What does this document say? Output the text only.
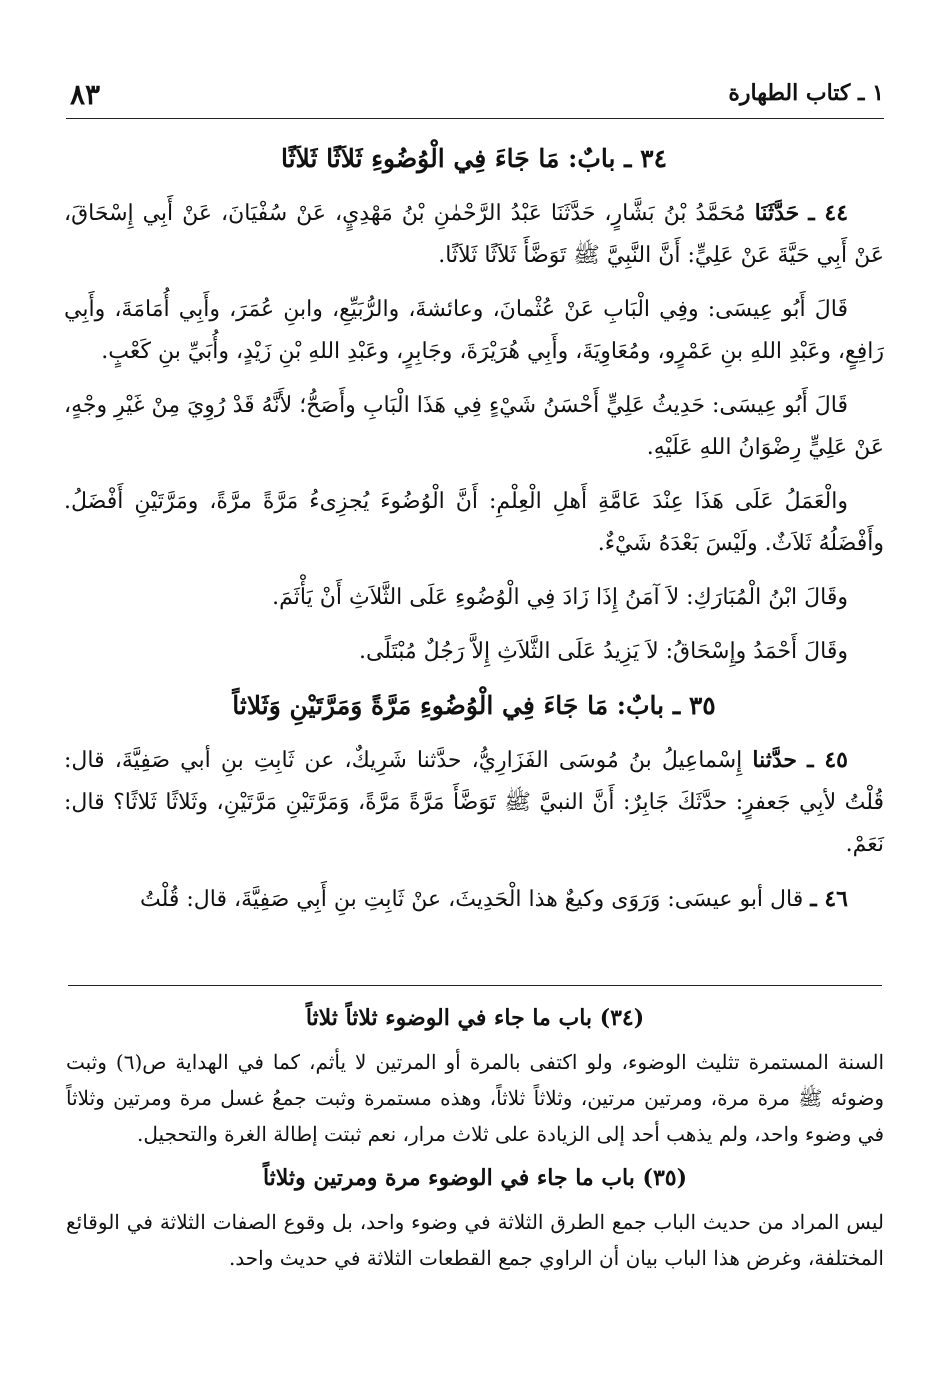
١ ـ كتاب الطهارة
٨٣

٣٤ ـ بابٌ: مَا جَاءَ فِي الْوُضُوءِ ثَلاَثًا ثَلاَثًا

٤٤ ـ حَدَّثَنَا مُحَمَّدُ بْنُ بَشَّارٍ، حَدَّثَنَا عَبْدُ الرَّحْمٰنِ بْنُ مَهْدِيٍ، عَنْ سُفْيَانَ، عَنْ أَبِي إِسْحَاقَ، عَنْ أَبِي حَيَّةَ عَنْ عَلِيٍّ: أَنَّ النَّبِيَّ ﷺ تَوَضَّأَ ثَلاَثًا ثَلاَثًا.

قَالَ أَبُو عِيسَى: وفِي الْبَابِ عَنْ عُثْمانَ، وعائشةَ، والرُّبَيِّعِ، وابنِ عُمَرَ، وأَبِي أُمَامَةَ، وأَبِي رَافِعٍ، وعَبْدِ اللهِ بنِ عَمْرٍو، ومُعَاوِيَةَ، وأَبِي هُرَيْرَةَ، وجَابِرٍ، وعَبْدِ اللهِ بْنِ زَيْدٍ، وأُبَيِّ بنِ كَعْبٍ.

قَالَ أَبُو عِيسَى: حَدِيثُ عَلِيٍّ أَحْسَنُ شَيْءٍ فِي هَذَا الْبَابِ وأَصَحُّ؛ لأَنَّهُ قَدْ رُوِيَ مِنْ غَيْرِ وجْهٍ، عَنْ عَلِيٍّ رِضْوَانُ اللهِ عَلَيْهِ.

والْعَمَلُ عَلَى هَذَا عِنْدَ عَامَّةِ أَهلِ الْعِلْمِ: أَنَّ الْوُضُوءَ يُجزِىءُ مَرَّةً مرَّةً، ومَرَّتَيْنِ أَفْضَلُ. وأَفْضَلُهُ ثَلاَثٌ. ولَيْسَ بَعْدَهُ شَيْءٌ.

وقَالَ ابْنُ الْمُبَارَكِ: لاَ آمَنُ إِذَا زَادَ فِي الْوُضُوءِ عَلَى الثَّلاَثِ أَنْ يَأْثَمَ.

وقَالَ أَحْمَدُ وإِسْحَاقُ: لاَ يَزِيدُ عَلَى الثَّلاَثِ إِلاَّ رَجُلٌ مُبْتَلًى.

٣٥ ـ بابٌ: مَا جَاءَ فِي الْوُضُوءِ مَرَّةً وَمَرَّتَيْنِ وَثَلاثاً

٤٥ ـ حدَّثنا إِسْماعِيلُ بنُ مُوسَى الفَزَارِيُّ، حدَّثنا شَرِيكٌ، عن ثَابِتِ بنِ أبي صَفِيَّةَ، قال: قُلْتُ لأبِي جَعفرٍ: حدَّثَكَ جَابِرٌ: أَنَّ النبيَّ ﷺ تَوَضَّأَ مَرَّةً مَرَّةً، وَمَرَّتَيْنِ مَرَّتَيْنِ، وثَلاثًا ثَلاثًا؟ قال: نَعَمْ.

٤٦ ـ قال أبو عيسَى: وَرَوَى وكيعٌ هذا الْحَدِيثَ، عنْ ثَابِتِ بنِ أَبِي صَفِيَّةَ، قال: قُلْتُ

(٣٤) باب ما جاء في الوضوء ثلاثاً ثلاثاً

السنة المستمرة تثليث الوضوء، ولو اكتفى بالمرة أو المرتين لا يأثم، كما في الهداية ص(٦) وثبت وضوئه ﷺ مرة مرة، ومرتين مرتين، وثلاثاً ثلاثاً، وهذه مستمرة وثبت جمعُ غسل مرة ومرتين وثلاثاً في وضوء واحد، ولم يذهب أحد إلى الزيادة على ثلاث مرار، نعم ثبتت إطالة الغرة والتحجيل.

(٣٥) باب ما جاء في الوضوء مرة ومرتين وثلاثاً

ليس المراد من حديث الباب جمع الطرق الثلاثة في وضوء واحد، بل وقوع الصفات الثلاثة في الوقائع المختلفة، وغرض هذا الباب بيان أن الراوي جمع القطعات الثلاثة في حديث واحد.
